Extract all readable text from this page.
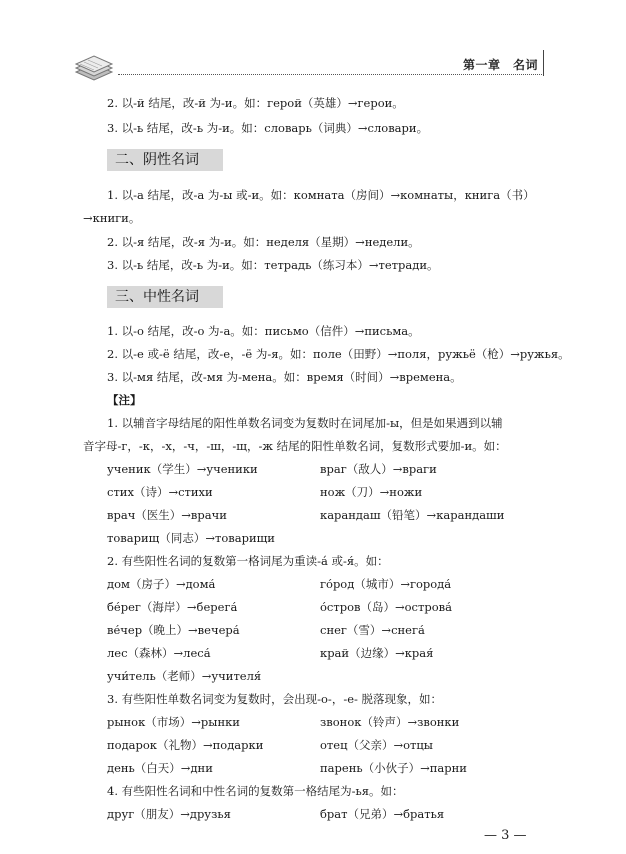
第一章　名词
2. 以-й 结尾，改-й 为-и。如：герой（英雄）→герои。
3. 以-ь 结尾，改-ь 为-и。如：словарь（词典）→словари。
二、阴性名词
1. 以-а 结尾，改-а 为-ы 或-и。如：комната（房间）→комнаты，книга（书）
→книги。
2. 以-я 结尾，改-я 为-и。如：неделя（星期）→недели。
3. 以-ь 结尾，改-ь 为-и。如：тетрадь（练习本）→тетради。
三、中性名词
1. 以-о 结尾，改-о 为-а。如：письмо（信件）→письма。
2. 以-е 或-ё 结尾，改-е，-ё 为-я。如：поле（田野）→поля，ружьё（枪）→ружья。
3. 以-мя 结尾，改-мя 为-мена。如：время（时间）→времена。
【注】
1. 以辅音字母结尾的阳性单数名词变为复数时在词尾加-ы，但是如果遇到以辅
音字母-г，-к，-х，-ч，-ш，-щ，-ж 结尾的阳性单数名词，复数形式要加-и。如：
ученик（学生）→ученики	враг（敌人）→враги
стих（诗）→стихи	нож（刀）→ножи
врач（医生）→врачи	карандаш（铅笔）→карандаши
товарищ（同志）→товарищи
2. 有些阳性名词的复数第一格词尾为重读-á 或-я́。如：
дом（房子）→дома́	го́род（城市）→города́
бе́рег（海岸）→берега́	о́стров（岛）→острова́
ве́чер（晚上）→вечера́	снег（雪）→снега́
лес（森林）→леса́	край（边缘）→края́
учи́тель（老师）→учителя́
3. 有些阳性单数名词变为复数时，会出现-о-，-е- 脱落现象，如：
рынок（市场）→рынки	звонок（铃声）→звонки
подарок（礼物）→подарки	отец（父亲）→отцы
день（白天）→дни	парень（小伙子）→парни
4. 有些阳性名词和中性名词的复数第一格结尾为-ья。如：
друг（朋友）→друзья	брат（兄弟）→братья
— 3 —
